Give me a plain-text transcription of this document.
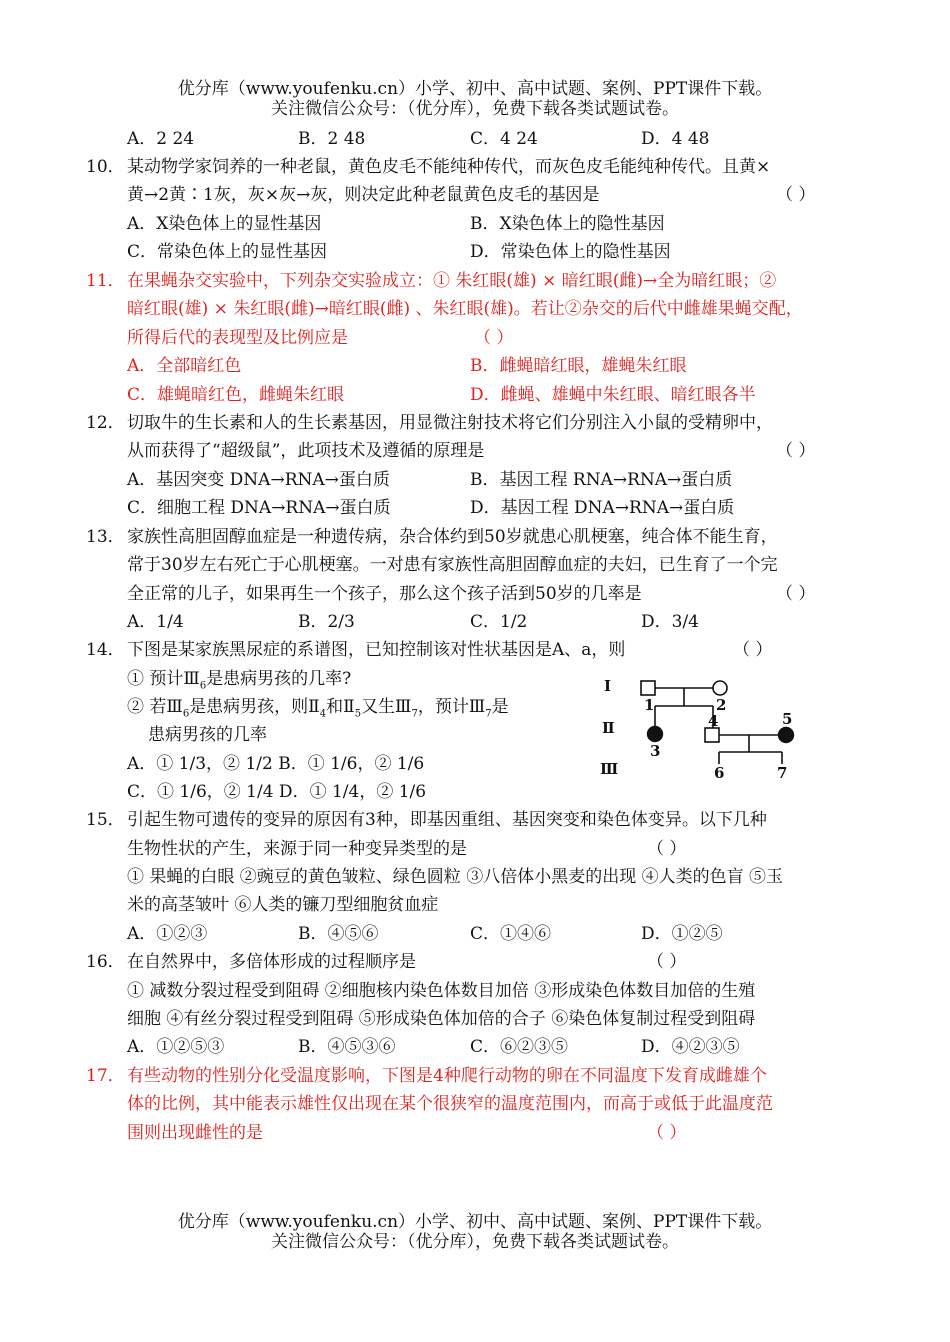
优分库（www.youfenku.cn）小学、初中、高中试题、案例、PPT课件下载。
关注微信公众号：（优分库），免费下载各类试题试卷。
A．2 24	B．2 48	C．4 24	D．4 48
10． 某动物学家饲养的一种老鼠，黄色皮毛不能纯种传代，而灰色皮毛能纯种传代。且黄×
黄→2黄∶1灰，灰×灰→灰，则决定此种老鼠黄色皮毛的基因是	（ ）
A．X染色体上的显性基因	B．X染色体上的隐性基因
C．常染色体上的显性基因	D．常染色体上的隐性基因
11． 在果蝇杂交实验中，下列杂交实验成立：① 朱红眼(雄) × 暗红眼(雌)→全为暗红眼；②
暗红眼(雄) × 朱红眼(雌)→暗红眼(雌) 、朱红眼(雄)。若让②杂交的后代中雌雄果蝇交配，
所得后代的表现型及比例应是	（ ）
A．全部暗红色	B．雌蝇暗红眼，雄蝇朱红眼
C．雄蝇暗红色，雌蝇朱红眼	D．雌蝇、雄蝇中朱红眼、暗红眼各半
12． 切取牛的生长素和人的生长素基因，用显微注射技术将它们分别注入小鼠的受精卵中，
从而获得了“超级鼠”，此项技术及遵循的原理是	（ ）
A．基因突变 DNA→RNA→蛋白质	B．基因工程 RNA→RNA→蛋白质
C．细胞工程 DNA→RNA→蛋白质	D．基因工程 DNA→RNA→蛋白质
13． 家族性高胆固醇血症是一种遗传病，杂合体约到50岁就患心肌梗塞，纯合体不能生育，
常于30岁左右死亡于心肌梗塞。一对患有家族性高胆固醇血症的夫妇，已生育了一个完
全正常的儿子，如果再生一个孩子，那么这个孩子活到50岁的几率是	（ ）
A．1/4	B．2/3	C．1/2	D．3/4
14． 下图是某家族黑尿症的系谱图，已知控制该对性状基因是A、a，则	（ ）
① 预计$Ⅲ_6$是患病男孩的几率?
② 若$Ⅲ_6$是患病男孩，则$Ⅱ_4$和$Ⅱ_5$又生$Ⅲ_7$，预计$Ⅲ_7$是
患病男孩的几率
A．① 1/3，② 1/2 B．① 1/6，② 1/6
C．① 1/6，② 1/4 D．① 1/4，② 1/6
I
Ⅱ
Ⅲ
1	2
3
4	5
6	7
15． 引起生物可遗传的变异的原因有3种，即基因重组、基因突变和染色体变异。以下几种
生物性状的产生，来源于同一种变异类型的是	（ ）
① 果蝇的白眼 ②豌豆的黄色皱粒、绿色圆粒 ③八倍体小黑麦的出现 ④人类的色盲 ⑤玉
米的高茎皱叶 ⑥人类的镰刀型细胞贫血症
A．①②③	B．④⑤⑥	C．①④⑥	D．①②⑤
16． 在自然界中，多倍体形成的过程顺序是	（ ）
① 减数分裂过程受到阻碍 ②细胞核内染色体数目加倍 ③形成染色体数目加倍的生殖
细胞 ④有丝分裂过程受到阻碍 ⑤形成染色体加倍的合子 ⑥染色体复制过程受到阻碍
A．①②⑤③	B．④⑤③⑥	C．⑥②③⑤	D．④②③⑤
17． 有些动物的性别分化受温度影响，下图是4种爬行动物的卵在不同温度下发育成雌雄个
体的比例，其中能表示雄性仅出现在某个很狭窄的温度范围内，而高于或低于此温度范
围则出现雌性的是	（ ）
优分库（www.youfenku.cn）小学、初中、高中试题、案例、PPT课件下载。
关注微信公众号：（优分库），免费下载各类试题试卷。
